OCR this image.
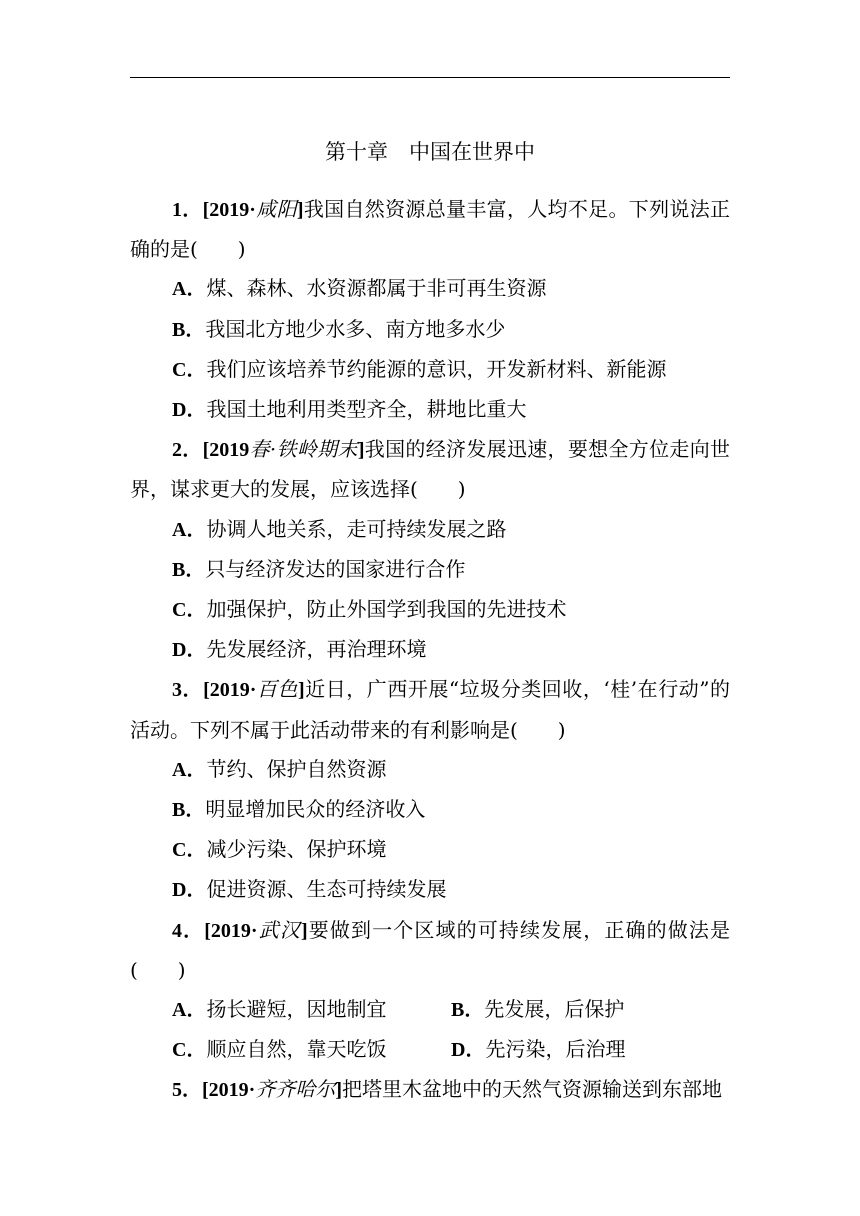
第十章　中国在世界中

1．[2019·咸阳]我国自然资源总量丰富，人均不足。下列说法正确的是(　　)

A．煤、森林、水资源都属于非可再生资源

B．我国北方地少水多、南方地多水少

C．我们应该培养节约能源的意识，开发新材料、新能源

D．我国土地利用类型齐全，耕地比重大

2．[2019春·铁岭期末]我国的经济发展迅速，要想全方位走向世界，谋求更大的发展，应该选择(　　)

A．协调人地关系，走可持续发展之路

B．只与经济发达的国家进行合作

C．加强保护，防止外国学到我国的先进技术

D．先发展经济，再治理环境

3．[2019·百色]近日，广西开展“垃圾分类回收，‘桂’在行动”的活动。下列不属于此活动带来的有利影响是(　　)

A．节约、保护自然资源

B．明显增加民众的经济收入

C．减少污染、保护环境

D．促进资源、生态可持续发展

4．[2019·武汉]要做到一个区域的可持续发展，正确的做法是(　　)

A．扬长避短，因地制宜	B．先发展，后保护

C．顺应自然，靠天吃饭	D．先污染，后治理

5．[2019·齐齐哈尔]把塔里木盆地中的天然气资源输送到东部地
